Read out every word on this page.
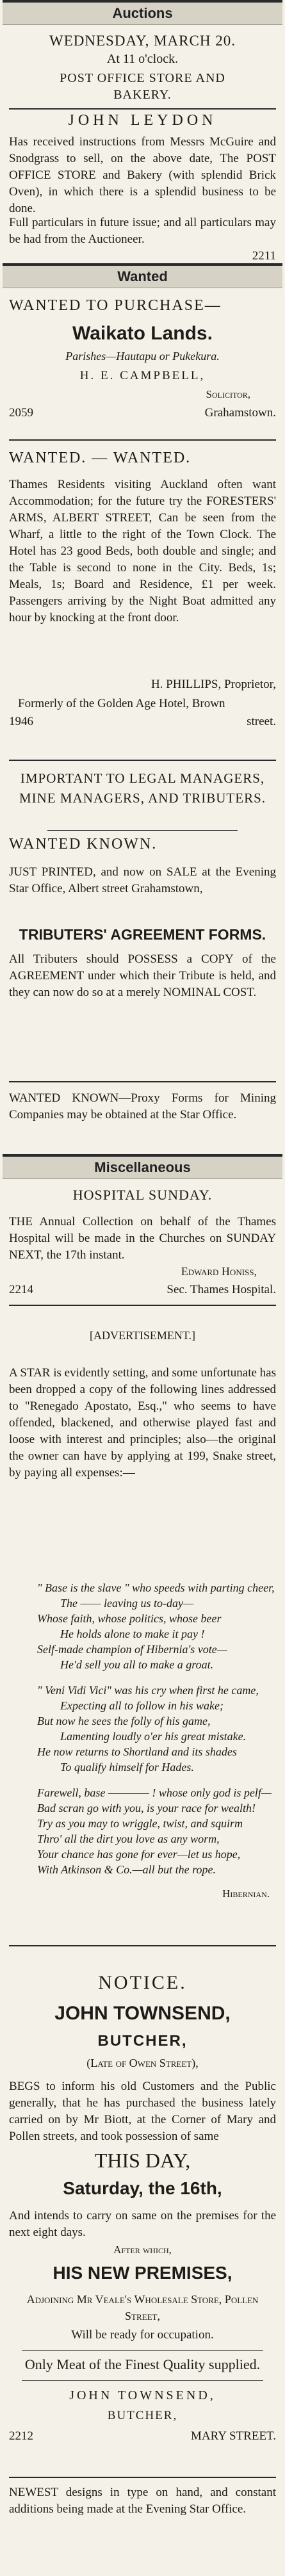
Auctions
WEDNESDAY, MARCH 20.
At 11 o'clock.
POST OFFICE STORE AND
BAKERY.
JOHN LEYDON
Has received instructions from Messrs McGuire and Snodgrass to sell, on the above date, The POST OFFICE STORE and Bakery (with splendid Brick Oven), in which there is a splendid business to be done.
Full particulars in future issue; and all particulars may be had from the Auctioneer.
2211
Wanted
WANTED TO PURCHASE—
Waikato Lands.
Parishes—Hautapu or Pukekura.
H. E. CAMPBELL,
Solicitor,
2059	Grahamstown.
WANTED. — WANTED.
Thames Residents visiting Auckland often want Accommodation; for the future try the FORESTERS' ARMS, ALBERT STREET, Can be seen from the Wharf, a little to the right of the Town Clock. The Hotel has 23 good Beds, both double and single; and the Table is second to none in the City. Beds, 1s; Meals, 1s; Board and Residence, £1 per week. Passengers arriving by the Night Boat admitted any hour by knocking at the front door.
H. PHILLIPS, Proprietor,
Formerly of the Golden Age Hotel, Brown
1946	street.
IMPORTANT TO LEGAL MANAGERS, MINE MANAGERS, AND TRIBUTERS.
WANTED KNOWN.
JUST PRINTED, and now on SALE at the Evening Star Office, Albert street Grahamstown,
TRIBUTERS' AGREEMENT FORMS.
All Tributers should POSSESS a COPY of the AGREEMENT under which their Tribute is held, and they can now do so at a merely NOMINAL COST.
WANTED KNOWN—Proxy Forms for Mining Companies may be obtained at the Star Office.
Miscellaneous
HOSPITAL SUNDAY.
THE Annual Collection on behalf of the Thames Hospital will be made in the Churches on SUNDAY NEXT, the 17th instant.
Edward Honiss,
2214	Sec. Thames Hospital.
[ADVERTISEMENT.]
A STAR is evidently setting, and some unfortunate has been dropped a copy of the following lines addressed to "Renegado Apostato, Esq.," who seems to have offended, blackened, and otherwise played fast and loose with interest and principles; also—the original the owner can have by applying at 199, Snake street, by paying all expenses:—
" Base is the slave " who speeds with parting cheer,
The —— leaving us to-day—
Whose faith, whose politics, whose beer
He holds alone to make it pay !
Self-made champion of Hibernia's vote—
He'd sell you all to make a groat.
" Veni Vidi Vici" was his cry when first he came,
Expecting all to follow in his wake;
But now he sees the folly of his game,
Lamenting loudly o'er his great mistake.
He now returns to Shortland and its shades
To qualify himself for Hades.
Farewell, base ———— ! whose only god is pelf—
Bad scran go with you, is your race for wealth!
Try as you may to wriggle, twist, and squirm
Thro' all the dirt you love as any worm,
Your chance has gone for ever—let us hope,
With Atkinson & Co.—all but the rope.
Hibernian.
NOTICE.
JOHN TOWNSEND,
BUTCHER,
(Late of Owen Street),
BEGS to inform his old Customers and the Public generally, that he has purchased the business lately carried on by Mr Biott, at the Corner of Mary and Pollen streets, and took possession of same
THIS DAY,
Saturday, the 16th,
And intends to carry on same on the premises for the next eight days.
After which,
HIS NEW PREMISES,
Adjoining Mr Veale's Wholesale Store, Pollen Street,
Will be ready for occupation.
Only Meat of the Finest Quality supplied.
JOHN TOWNSEND,
BUTCHER,
2212	MARY STREET.
NEWEST designs in type on hand, and constant additions being made at the Evening Star Office.
